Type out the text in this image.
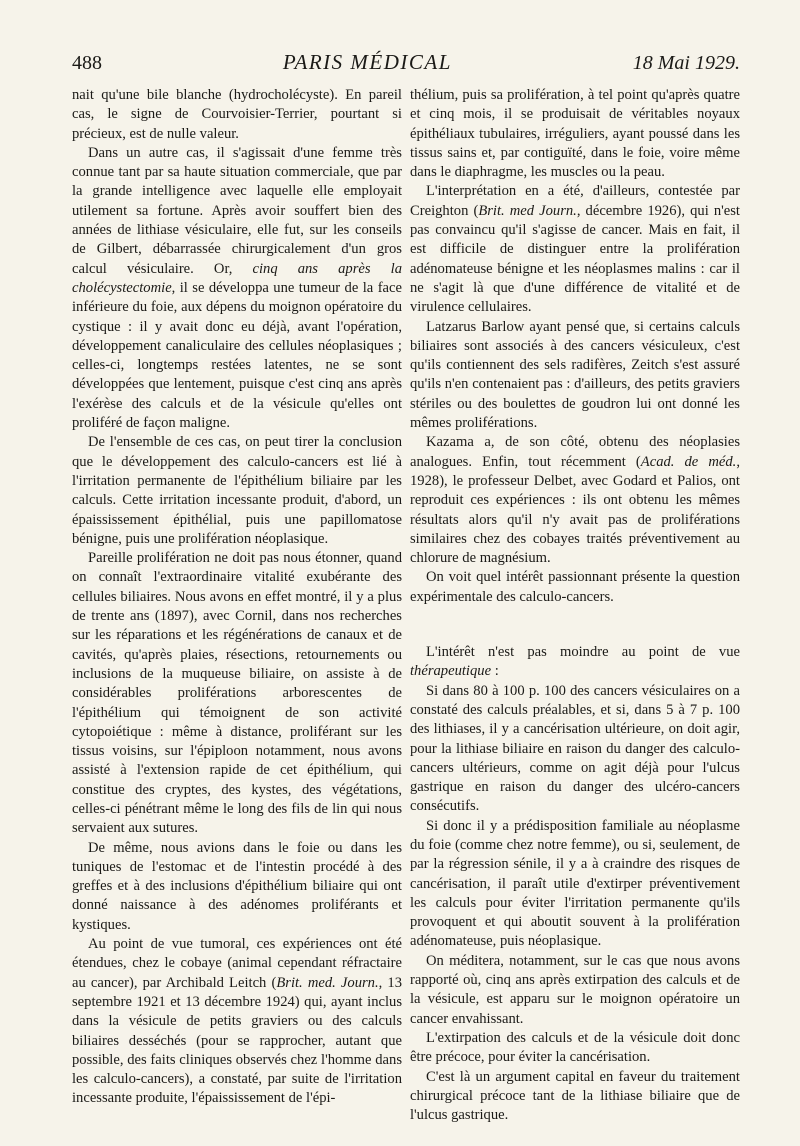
488	PARIS MÉDICAL	18 Mai 1929.

nait qu'une bile blanche (hydrocholécyste). En pareil cas, le signe de Courvoisier-Terrier, pourtant si précieux, est de nulle valeur.

Dans un autre cas, il s'agissait d'une femme très connue tant par sa haute situation commerciale, que par la grande intelligence avec laquelle elle employait utilement sa fortune. Après avoir souffert bien des années de lithiase vésiculaire, elle fut, sur les conseils de Gilbert, débarrassée chirurgicalement d'un gros calcul vésiculaire. Or, cinq ans après la cholécystectomie, il se développa une tumeur de la face inférieure du foie, aux dépens du moignon opératoire du cystique : il y avait donc eu déjà, avant l'opération, développement canaliculaire des cellules néoplasiques ; celles-ci, longtemps restées latentes, ne se sont développées que lentement, puisque c'est cinq ans après l'exérèse des calculs et de la vésicule qu'elles ont proliféré de façon maligne.

De l'ensemble de ces cas, on peut tirer la conclusion que le développement des calculo-cancers est lié à l'irritation permanente de l'épithélium biliaire par les calculs. Cette irritation incessante produit, d'abord, un épaississement épithélial, puis une papillomatose bénigne, puis une prolifération néoplasique.

Pareille prolifération ne doit pas nous étonner, quand on connaît l'extraordinaire vitalité exubérante des cellules biliaires. Nous avons en effet montré, il y a plus de trente ans (1897), avec Cornil, dans nos recherches sur les réparations et les régénérations de canaux et de cavités, qu'après plaies, résections, retournements ou inclusions de la muqueuse biliaire, on assiste à de considérables proliférations arborescentes de l'épithélium qui témoignent de son activité cytopoiétique : même à distance, proliférant sur les tissus voisins, sur l'épiploon notamment, nous avons assisté à l'extension rapide de cet épithélium, qui constitue des cryptes, des kystes, des végétations, celles-ci pénétrant même le long des fils de lin qui nous servaient aux sutures.

De même, nous avions dans le foie ou dans les tuniques de l'estomac et de l'intestin procédé à des greffes et à des inclusions d'épithélium biliaire qui ont donné naissance à des adénomes proliférants et kystiques.

Au point de vue tumoral, ces expériences ont été étendues, chez le cobaye (animal cependant réfractaire au cancer), par Archibald Leitch (Brit. med. Journ., 13 septembre 1921 et 13 décembre 1924) qui, ayant inclus dans la vésicule de petits graviers ou des calculs biliaires desséchés (pour se rapprocher, autant que possible, des faits cliniques observés chez l'homme dans les calculo-cancers), a constaté, par suite de l'irritation incessante produite, l'épaississement de l'épi-

thélium, puis sa prolifération, à tel point qu'après quatre et cinq mois, il se produisait de véritables noyaux épithéliaux tubulaires, irréguliers, ayant poussé dans les tissus sains et, par contiguïté, dans le foie, voire même dans le diaphragme, les muscles ou la peau.

L'interprétation en a été, d'ailleurs, contestée par Creighton (Brit. med Journ., décembre 1926), qui n'est pas convaincu qu'il s'agisse de cancer. Mais en fait, il est difficile de distinguer entre la prolifération adénomateuse bénigne et les néoplasmes malins : car il ne s'agit là que d'une différence de vitalité et de virulence cellulaires.

Latzarus Barlow ayant pensé que, si certains calculs biliaires sont associés à des cancers vésiculeux, c'est qu'ils contiennent des sels radifères, Zeitch s'est assuré qu'ils n'en contenaient pas : d'ailleurs, des petits graviers stériles ou des boulettes de goudron lui ont donné les mêmes proliférations.

Kazama a, de son côté, obtenu des néoplasies analogues. Enfin, tout récemment (Acad. de méd., 1928), le professeur Delbet, avec Godard et Palios, ont reproduit ces expériences : ils ont obtenu les mêmes résultats alors qu'il n'y avait pas de proliférations similaires chez des cobayes traités préventivement au chlorure de magnésium.

On voit quel intérêt passionnant présente la question expérimentale des calculo-cancers.

L'intérêt n'est pas moindre au point de vue thérapeutique :

Si dans 80 à 100 p. 100 des cancers vésiculaires on a constaté des calculs préalables, et si, dans 5 à 7 p. 100 des lithiases, il y a cancérisation ultérieure, on doit agir, pour la lithiase biliaire en raison du danger des calculo-cancers ultérieurs, comme on agit déjà pour l'ulcus gastrique en raison du danger des ulcéro-cancers consécutifs.

Si donc il y a prédisposition familiale au néoplasme du foie (comme chez notre femme), ou si, seulement, de par la régression sénile, il y a à craindre des risques de cancérisation, il paraît utile d'extirper préventivement les calculs pour éviter l'irritation permanente qu'ils provoquent et qui aboutit souvent à la prolifération adénomateuse, puis néoplasique.

On méditera, notamment, sur le cas que nous avons rapporté où, cinq ans après extirpation des calculs et de la vésicule, est apparu sur le moignon opératoire un cancer envahissant.

L'extirpation des calculs et de la vésicule doit donc être précoce, pour éviter la cancérisation.

C'est là un argument capital en faveur du traitement chirurgical précoce tant de la lithiase biliaire que de l'ulcus gastrique.
